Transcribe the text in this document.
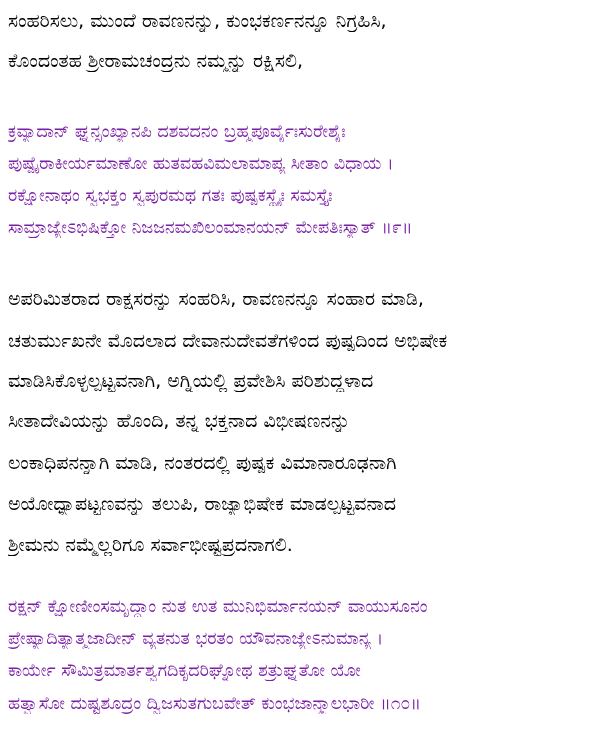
ಸಂಹರಿಸಲು, ಮುಂದೆ ರಾವಣನನ್ನು, ಕುಂಭಕರ್ಣನನ್ನೂ ನಿಗ್ರಹಿಸಿ,
ಕೊಂದಂತಹ ಶ್ರೀರಾಮಚಂದ್ರನು ನಮ್ಮನ್ನು ರಕ್ಷಿಸಲಿ,
ಕ್ರವ್ಯಾದಾನ್ ಘ್ನನ್ಸಂಖ್ಯಾನಪಿ ದಶವದನಂ ಬ್ರಹ್ಮಪೂರ್ವೈಃಸುರೇಶೈಃ
ಪುಷ್ಪೈರಾಕೀರ್ಯಮಾಣೋ ಹುತವಹವಿಮಲಾಮಾಪ್ಯ ಸೀತಾಂ ವಿಧಾಯ ।
ರಕ್ಷೋನಾಥಂ ಸ್ವಭಕ್ತಂ ಸ್ವಪುರಮಥ ಗತಃ ಪುಷ್ಪಕಸ್ಥೈಃ ಸಮಸ್ತೈಃ
ಸಾಮ್ರಾಜ್ಯೇಽಭಿಷಿಕ್ತೋ ನಿಜಜನಮಖಿಲಂಮಾನಯನ್ ಮೇಪತಿಃಸ್ಯಾತ್ ॥೯॥
ಅಪರಿಮಿತರಾದ ರಾಕ್ಷಸರನ್ನು ಸಂಹರಿಸಿ, ರಾವಣನನ್ನೂ ಸಂಹಾರ ಮಾಡಿ,
ಚತುರ್ಮುಖನೇ ಮೊದಲಾದ ದೇವಾನುದೇವತೆಗಳಿಂದ ಪುಷ್ಪದಿಂದ ಅಭಿಷೇಕ
ಮಾಡಿಸಿಕೊಳ್ಳಲ್ಪಟ್ಟವನಾಗಿ, ಅಗ್ನಿಯಲ್ಲಿ ಪ್ರವೇಶಿಸಿ ಪರಿಶುದ್ಧಳಾದ
ಸೀತಾದೇವಿಯನ್ನು ಹೊಂದಿ, ತನ್ನ ಭಕ್ತನಾದ ವಿಭೀಷಣನನ್ನು
ಲಂಕಾಧಿಪನನ್ನಾಗಿ ಮಾಡಿ, ನಂತರದಲ್ಲಿ ಪುಷ್ಪಕ ವಿಮಾನಾರೂಢನಾಗಿ
ಅಯೋಧ್ಯಾಪಟ್ಟಣವನ್ನು ತಲುಪಿ, ರಾಜ್ಯಾಭಿಷೇಕ ಮಾಡಲ್ಪಟ್ಟವನಾದ
ಶ್ರೀಮನು ನಮ್ಮೆಲ್ಲರಿಗೂ ಸರ್ವಾಭೀಷ್ಟಪ್ರದನಾಗಲಿ.
ರಕ್ಷನ್ ಕ್ಷೋಣೀಂಸಮೃದ್ಧಾಂ ನುತ ಉತ ಮುನಿಭಿರ್ಮಾನಯನ್ ವಾಯುಸೂನಂ
ಪ್ರೇಷ್ಯಾದಿತ್ಯಾತ್ಮಜಾದೀನ್ ವ್ಯತನುತ ಭರತಂ ಯೌವನಾಜ್ಯೇಽನುಮಾನ್ಯ ।
ಕಾರ್ಯೇ ಸೌಮಿತ್ರಮಾರ್ತಶ್ವಗದಿಕೃದರಿಘ್ನೋಥ ಶತ್ರುಘ್ನತೋ ಯೋ
ಹತ್ವಾಸೋ ದುಷ್ಟಶೂದ್ರಂ ದ್ವಿಜಸುತಗುಬವೇತ್ ಕುಂಭಜಾನ್ಮಾಲಭಾರೀ ॥೧೦॥
